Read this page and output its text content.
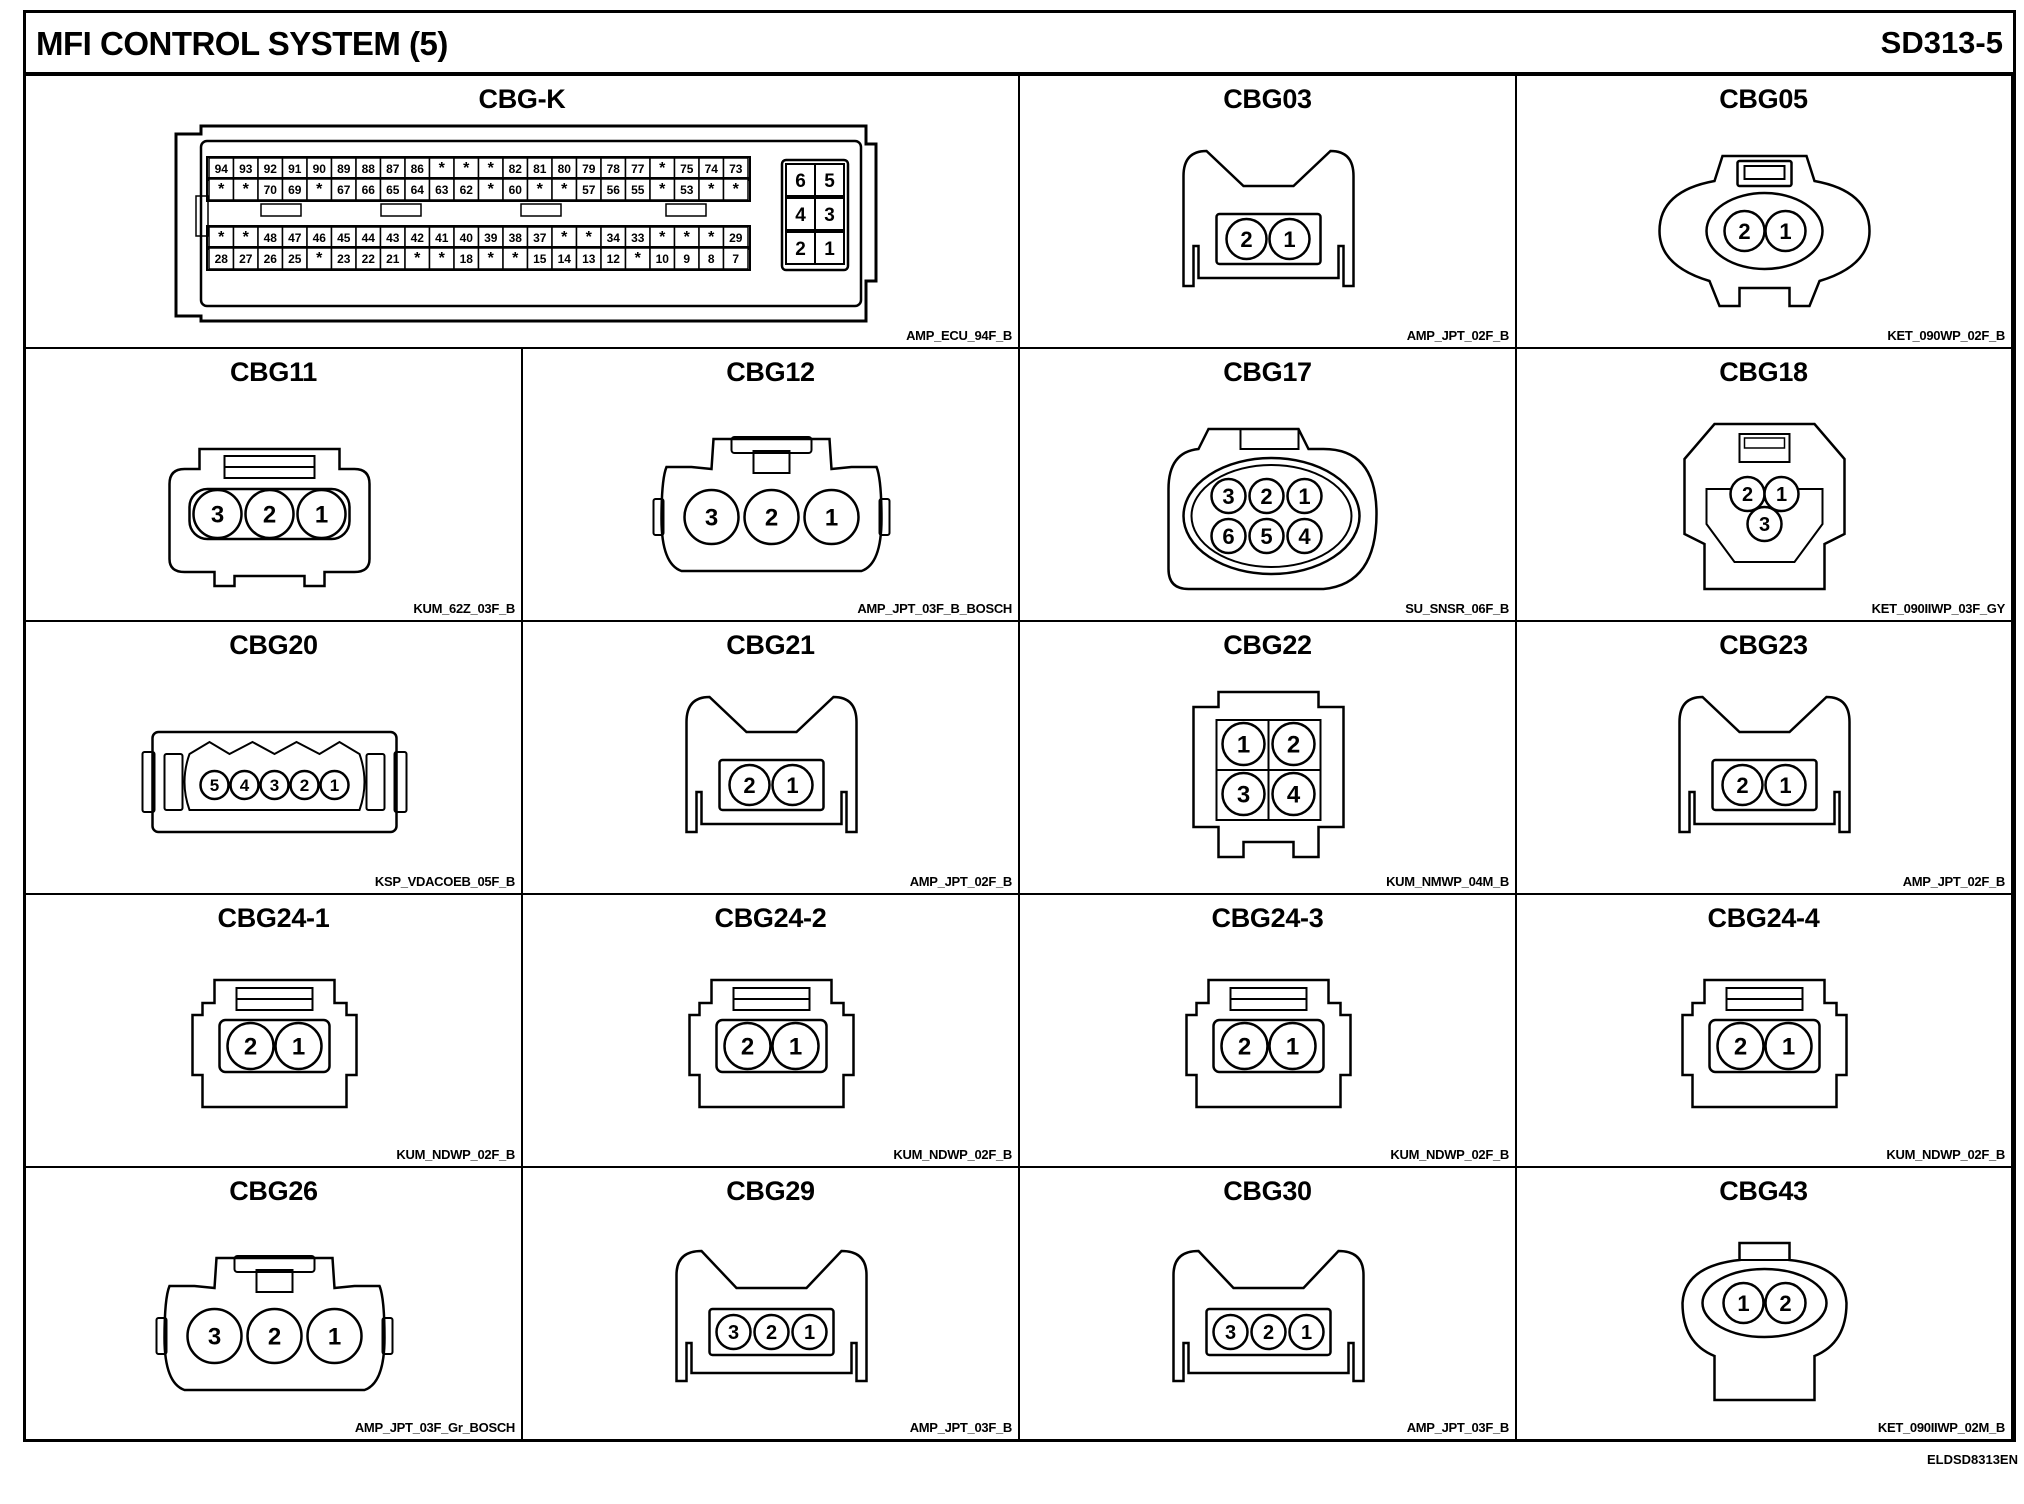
MFI CONTROL SYSTEM (5)	SD313-5
94 93 92 91 90 89 88 87 86 * * * 82 81 80 79 78 77 * 75 74 73
* * 70 69 * 67 66 65 64 63 62 * 60 * * 57 56 55 * 53 * *
* * 48 47 46 45 44 43 42 41 40 39 38 37 * * 34 33 * * * 29
28 27 26 25 * 23 22 21 * * 18 * * 15 14 13 12 * 10 9 8 7
6 5
4 3
2 1
CBG-K
AMP_ECU_94F_B
2 1
CBG03
AMP_JPT_02F_B
2 1
CBG05
KET_090WP_02F_B
3 2 1
CBG11
KUM_62Z_03F_B
3 2 1
CBG12
AMP_JPT_03F_B_BOSCH
3 2 1
6 5 4
CBG17
SU_SNSR_06F_B
2 1
3
CBG18
KET_090IIWP_03F_GY
5 4 3 2 1
CBG20
KSP_VDACOEB_05F_B
2 1
CBG21
AMP_JPT_02F_B
1 2
3 4
CBG22
KUM_NMWP_04M_B
2 1
CBG23
AMP_JPT_02F_B
2 1
CBG24-1
KUM_NDWP_02F_B
2 1
CBG24-2
KUM_NDWP_02F_B
2 1
CBG24-3
KUM_NDWP_02F_B
2 1
CBG24-4
KUM_NDWP_02F_B
3 2 1
CBG26
AMP_JPT_03F_Gr_BOSCH
3 2 1
CBG29
AMP_JPT_03F_B
3 2 1
CBG30
AMP_JPT_03F_B
1 2
CBG43
KET_090IIWP_02M_B
ELDSD8313EN
